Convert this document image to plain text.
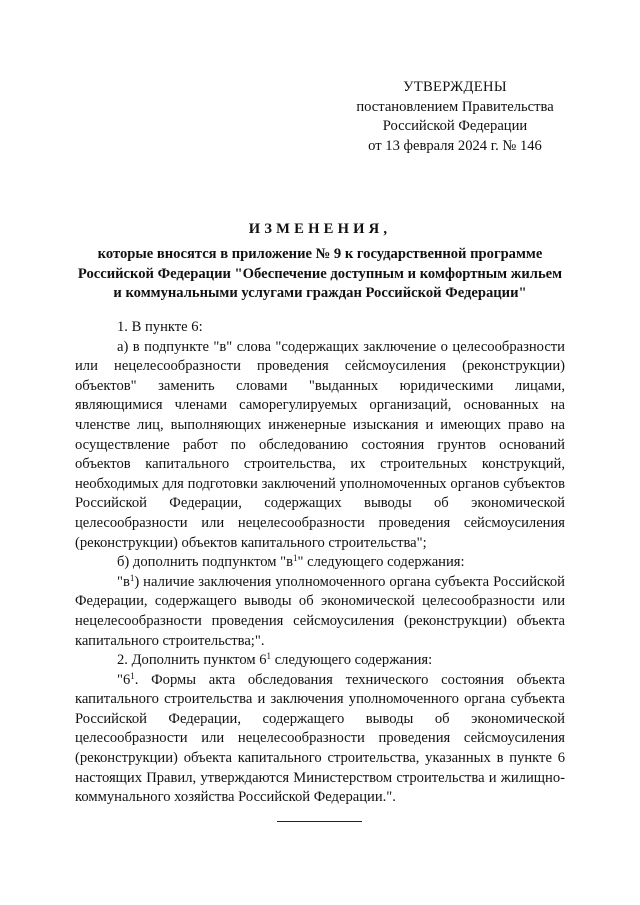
УТВЕРЖДЕНЫ
постановлением Правительства
Российской Федерации
от 13 февраля 2024 г. № 146
ИЗМЕНЕНИЯ,
которые вносятся в приложение № 9 к государственной программе Российской Федерации "Обеспечение доступным и комфортным жильем и коммунальными услугами граждан Российской Федерации"

1. В пункте 6:

а) в подпункте "в" слова "содержащих заключение о целесообразности или нецелесообразности проведения сейсмоусиления (реконструкции) объектов" заменить словами "выданных юридическими лицами, являющимися членами саморегулируемых организаций, основанных на членстве лиц, выполняющих инженерные изыскания и имеющих право на осуществление работ по обследованию состояния грунтов оснований объектов капитального строительства, их строительных конструкций, необходимых для подготовки заключений уполномоченных органов субъектов Российской Федерации, содержащих выводы об экономической целесообразности или нецелесообразности проведения сейсмоусиления (реконструкции) объектов капитального строительства";

б) дополнить подпунктом "$в^1$" следующего содержания:

"$в^1$) наличие заключения уполномоченного органа субъекта Российской Федерации, содержащего выводы об экономической целесообразности или нецелесообразности проведения сейсмоусиления (реконструкции) объекта капитального строительства;".

2. Дополнить пунктом $6^1$ следующего содержания:

"$6^1$. Формы акта обследования технического состояния объекта капитального строительства и заключения уполномоченного органа субъекта Российской Федерации, содержащего выводы об экономической целесообразности или нецелесообразности проведения сейсмоусиления (реконструкции) объекта капитального строительства, указанных в пункте 6 настоящих Правил, утверждаются Министерством строительства и жилищно-коммунального хозяйства Российской Федерации.".
